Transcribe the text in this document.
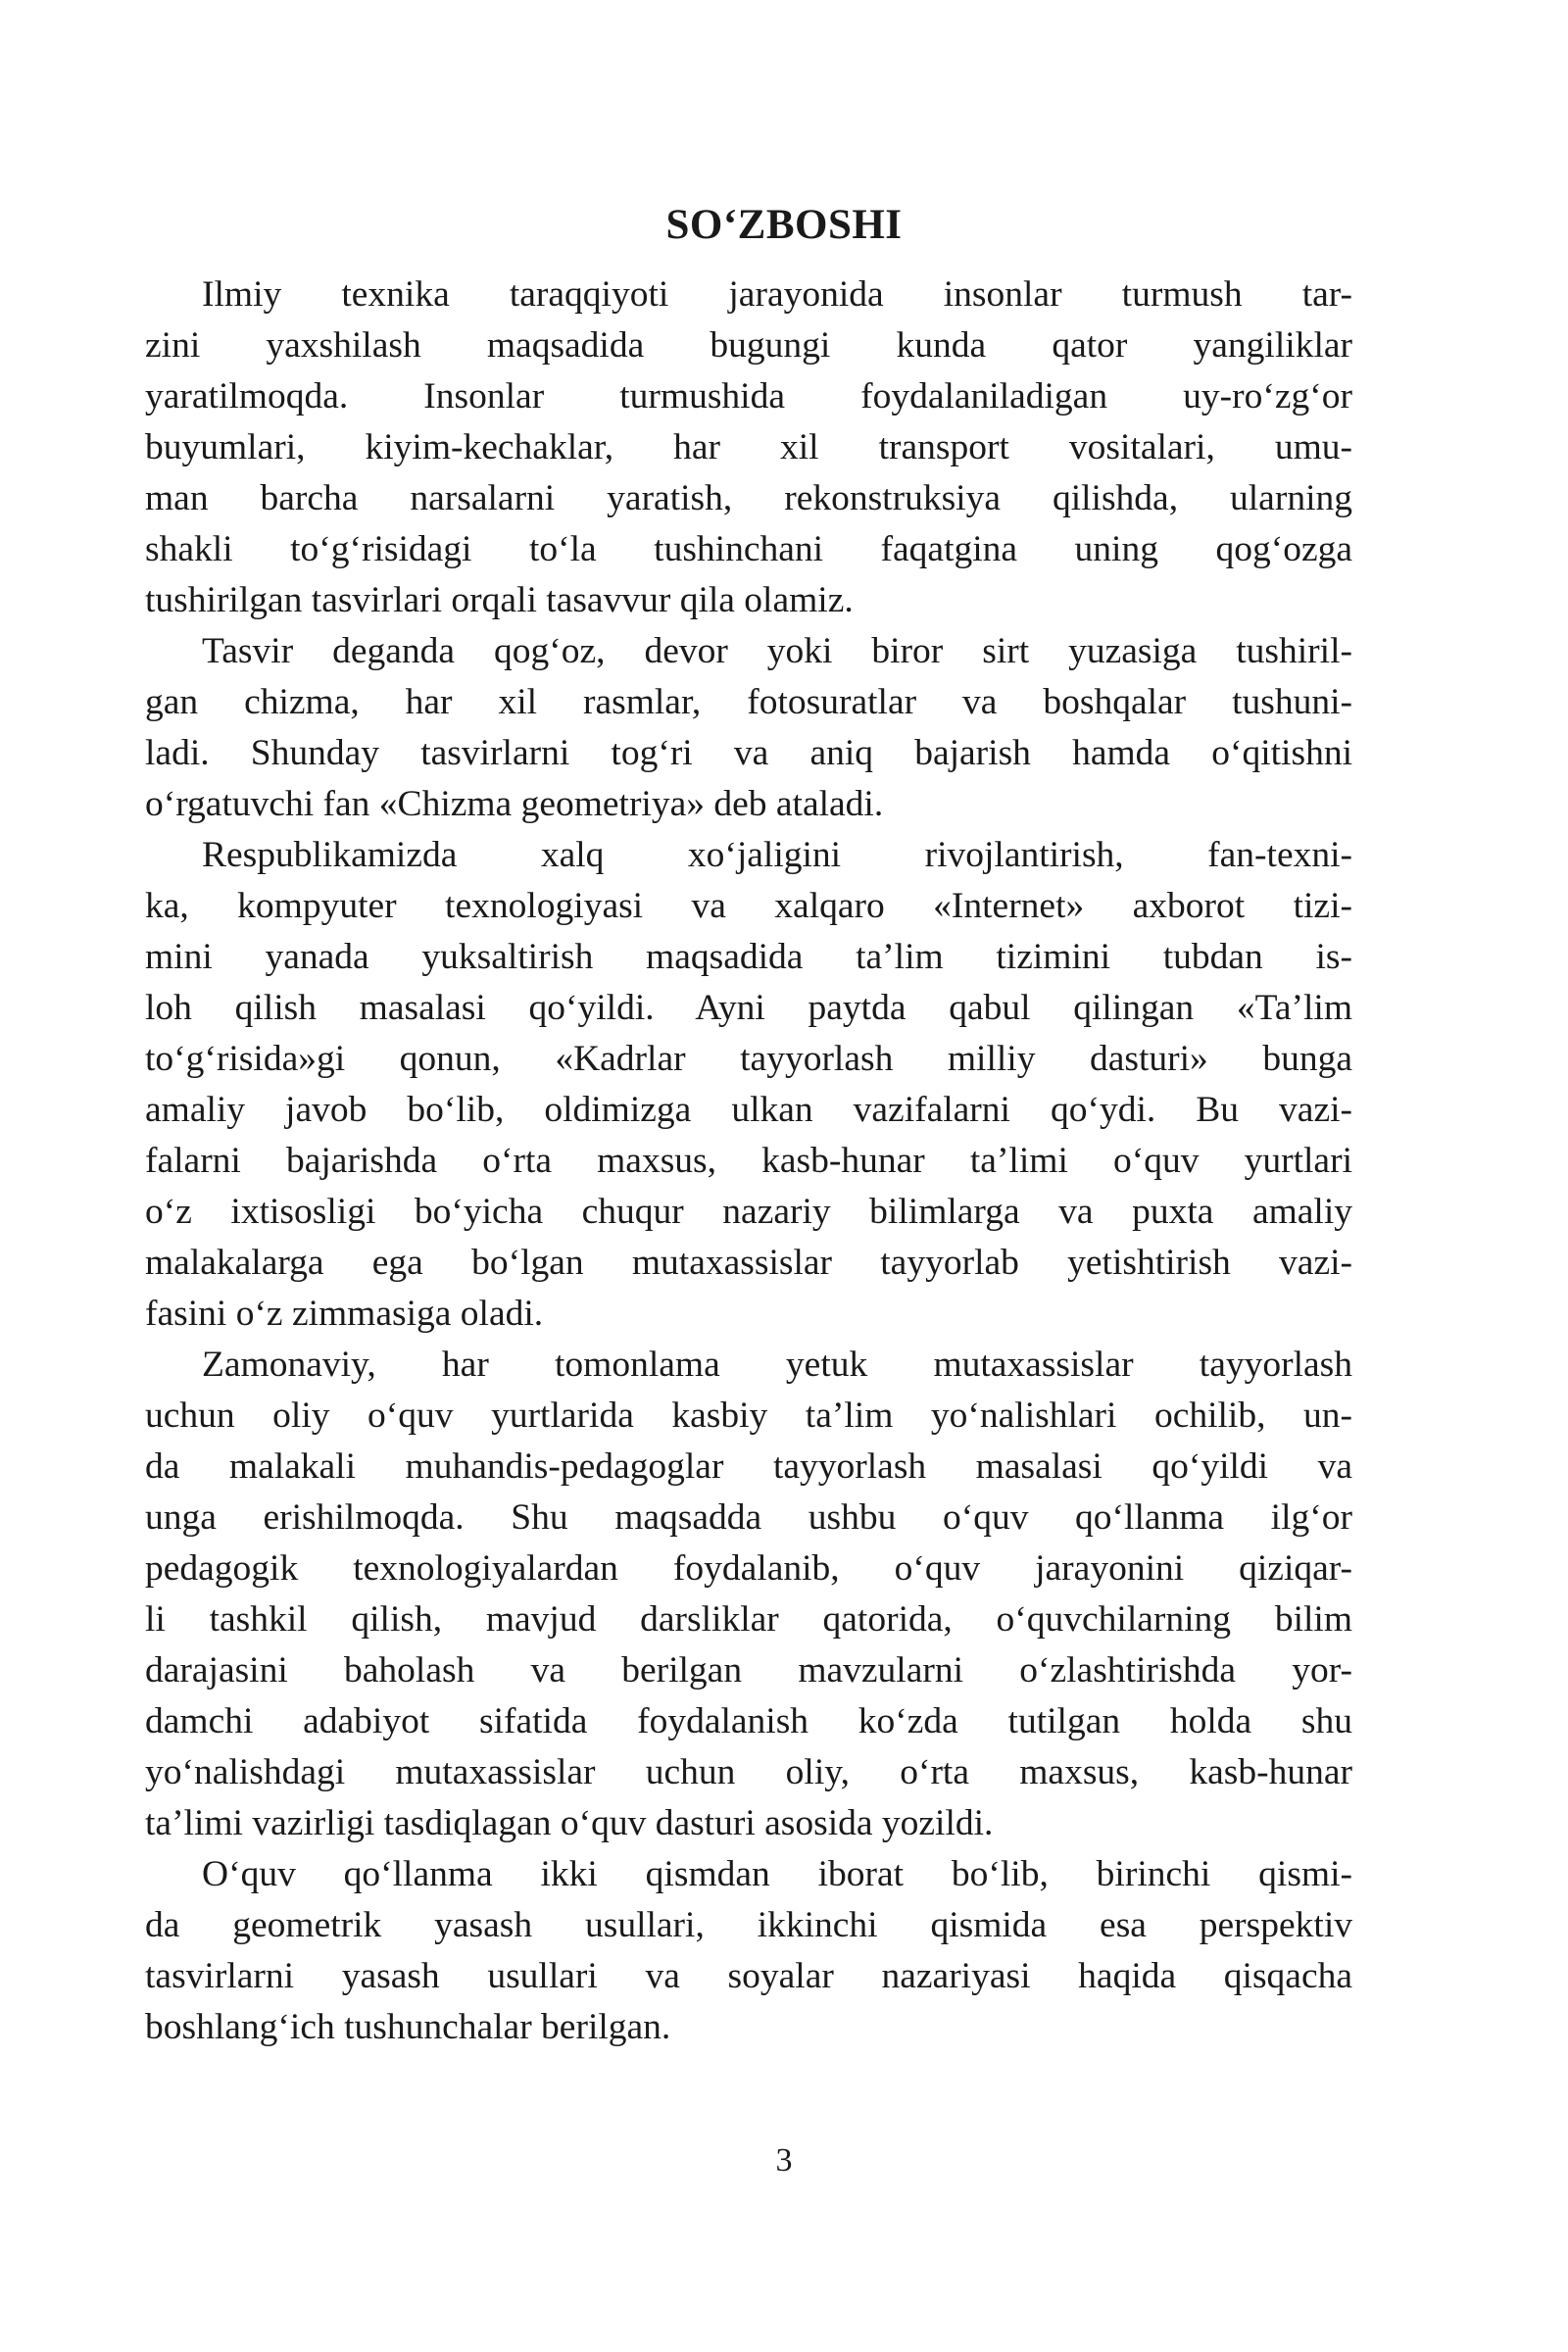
SO‘ZBOSHI
Ilmiy texnika taraqqiyoti jarayonida insonlar turmush tar-
zini yaxshilash maqsadida bugungi kunda qator yangiliklar
yaratilmoqda. Insonlar turmushida foydalaniladigan uy-ro‘zg‘or
buyumlari, kiyim-kechaklar, har xil transport vositalari, umu-
man barcha narsalarni yaratish, rekonstruksiya qilishda, ularning
shakli to‘g‘risidagi to‘la tushinchani faqatgina uning qog‘ozga
tushirilgan tasvirlari orqali tasavvur qila olamiz.
Tasvir deganda qog‘oz, devor yoki biror sirt yuzasiga tushiril-
gan chizma, har xil rasmlar, fotosuratlar va boshqalar tushuni-
ladi. Shunday tasvirlarni tog‘ri va aniq bajarish hamda o‘qitishni
o‘rgatuvchi fan «Chizma geometriya» deb ataladi.
Respublikamizda xalq xo‘jaligini rivojlantirish, fan-texni-
ka, kompyuter texnologiyasi va xalqaro «Internet» axborot tizi-
mini yanada yuksaltirish maqsadida ta’lim tizimini tubdan is-
loh qilish masalasi qo‘yildi. Ayni paytda qabul qilingan «Ta’lim
to‘g‘risida»gi qonun, «Kadrlar tayyorlash milliy dasturi» bunga
amaliy javob bo‘lib, oldimizga ulkan vazifalarni qo‘ydi. Bu vazi-
falarni bajarishda o‘rta maxsus, kasb-hunar ta’limi o‘quv yurtlari
o‘z ixtisosligi bo‘yicha chuqur nazariy bilimlarga va puxta amaliy
malakalarga ega bo‘lgan mutaxassislar tayyorlab yetishtirish vazi-
fasini o‘z zimmasiga oladi.
Zamonaviy, har tomonlama yetuk mutaxassislar tayyorlash
uchun oliy o‘quv yurtlarida kasbiy ta’lim yo‘nalishlari ochilib, un-
da malakali muhandis-pedagoglar tayyorlash masalasi qo‘yildi va
unga erishilmoqda. Shu maqsadda ushbu o‘quv qo‘llanma ilg‘or
pedagogik texnologiyalardan foydalanib, o‘quv jarayonini qiziqar-
li tashkil qilish, mavjud darsliklar qatorida, o‘quvchilarning bilim
darajasini baholash va berilgan mavzularni o‘zlashtirishda yor-
damchi adabiyot sifatida foydalanish ko‘zda tutilgan holda shu
yo‘nalishdagi mutaxassislar uchun oliy, o‘rta maxsus, kasb-hunar
ta’limi vazirligi tasdiqlagan o‘quv dasturi asosida yozildi.
O‘quv qo‘llanma ikki qismdan iborat bo‘lib, birinchi qismi-
da geometrik yasash usullari, ikkinchi qismida esa perspektiv
tasvirlarni yasash usullari va soyalar nazariyasi haqida qisqacha
boshlang‘ich tushunchalar berilgan.
3
